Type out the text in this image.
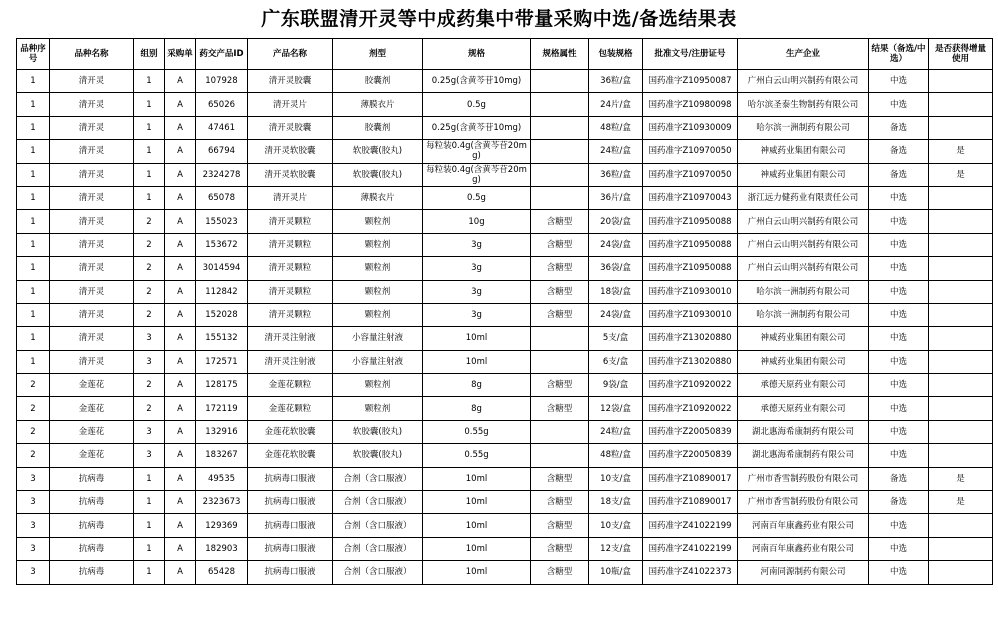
广东联盟清开灵等中成药集中带量采购中选/备选结果表
品种序号	品种名称	组别	采购单	药交产品ID	产品名称	剂型	规格	规格属性	包装规格	批准文号/注册证号	生产企业	结果（备选/中选）	是否获得增量使用
1	清开灵	1	A	107928	清开灵胶囊	胶囊剂	0.25g(含黄芩苷10mg)		36粒/盒	国药准字Z10950087	广州白云山明兴制药有限公司	中选	
1	清开灵	1	A	65026	清开灵片	薄膜衣片	0.5g		24片/盒	国药准字Z10980098	哈尔滨圣泰生物制药有限公司	中选	
1	清开灵	1	A	47461	清开灵胶囊	胶囊剂	0.25g(含黄芩苷10mg)		48粒/盒	国药准字Z10930009	哈尔滨一洲制药有限公司	备选	
1	清开灵	1	A	66794	清开灵软胶囊	软胶囊(胶丸)	每粒装0.4g(含黄芩苷20mg)		24粒/盒	国药准字Z10970050	神威药业集团有限公司	备选	是
1	清开灵	1	A	2324278	清开灵软胶囊	软胶囊(胶丸)	每粒装0.4g(含黄芩苷20mg)		36粒/盒	国药准字Z10970050	神威药业集团有限公司	备选	是
1	清开灵	1	A	65078	清开灵片	薄膜衣片	0.5g		36片/盒	国药准字Z10970043	浙江远力健药业有限责任公司	中选	
1	清开灵	2	A	155023	清开灵颗粒	颗粒剂	10g	含糖型	20袋/盒	国药准字Z10950088	广州白云山明兴制药有限公司	中选	
1	清开灵	2	A	153672	清开灵颗粒	颗粒剂	3g	含糖型	24袋/盒	国药准字Z10950088	广州白云山明兴制药有限公司	中选	
1	清开灵	2	A	3014594	清开灵颗粒	颗粒剂	3g	含糖型	36袋/盒	国药准字Z10950088	广州白云山明兴制药有限公司	中选	
1	清开灵	2	A	112842	清开灵颗粒	颗粒剂	3g	含糖型	18袋/盒	国药准字Z10930010	哈尔滨一洲制药有限公司	中选	
1	清开灵	2	A	152028	清开灵颗粒	颗粒剂	3g	含糖型	24袋/盒	国药准字Z10930010	哈尔滨一洲制药有限公司	中选	
1	清开灵	3	A	155132	清开灵注射液	小容量注射液	10ml		5支/盒	国药准字Z13020880	神威药业集团有限公司	中选	
1	清开灵	3	A	172571	清开灵注射液	小容量注射液	10ml		6支/盒	国药准字Z13020880	神威药业集团有限公司	中选	
2	金莲花	2	A	128175	金莲花颗粒	颗粒剂	8g	含糖型	9袋/盒	国药准字Z10920022	承德天原药业有限公司	中选	
2	金莲花	2	A	172119	金莲花颗粒	颗粒剂	8g	含糖型	12袋/盒	国药准字Z10920022	承德天原药业有限公司	中选	
2	金莲花	3	A	132916	金莲花软胶囊	软胶囊(胶丸)	0.55g		24粒/盒	国药准字Z20050839	湖北惠海希康制药有限公司	中选	
2	金莲花	3	A	183267	金莲花软胶囊	软胶囊(胶丸)	0.55g		48粒/盒	国药准字Z20050839	湖北惠海希康制药有限公司	中选	
3	抗病毒	1	A	49535	抗病毒口服液	合剂（含口服液）	10ml	含糖型	10支/盒	国药准字Z10890017	广州市香雪制药股份有限公司	备选	是
3	抗病毒	1	A	2323673	抗病毒口服液	合剂（含口服液）	10ml	含糖型	18支/盒	国药准字Z10890017	广州市香雪制药股份有限公司	备选	是
3	抗病毒	1	A	129369	抗病毒口服液	合剂（含口服液）	10ml	含糖型	10支/盒	国药准字Z41022199	河南百年康鑫药业有限公司	中选	
3	抗病毒	1	A	182903	抗病毒口服液	合剂（含口服液）	10ml	含糖型	12支/盒	国药准字Z41022199	河南百年康鑫药业有限公司	中选	
3	抗病毒	1	A	65428	抗病毒口服液	合剂（含口服液）	10ml	含糖型	10瓶/盒	国药准字Z41022373	河南同源制药有限公司	中选	
